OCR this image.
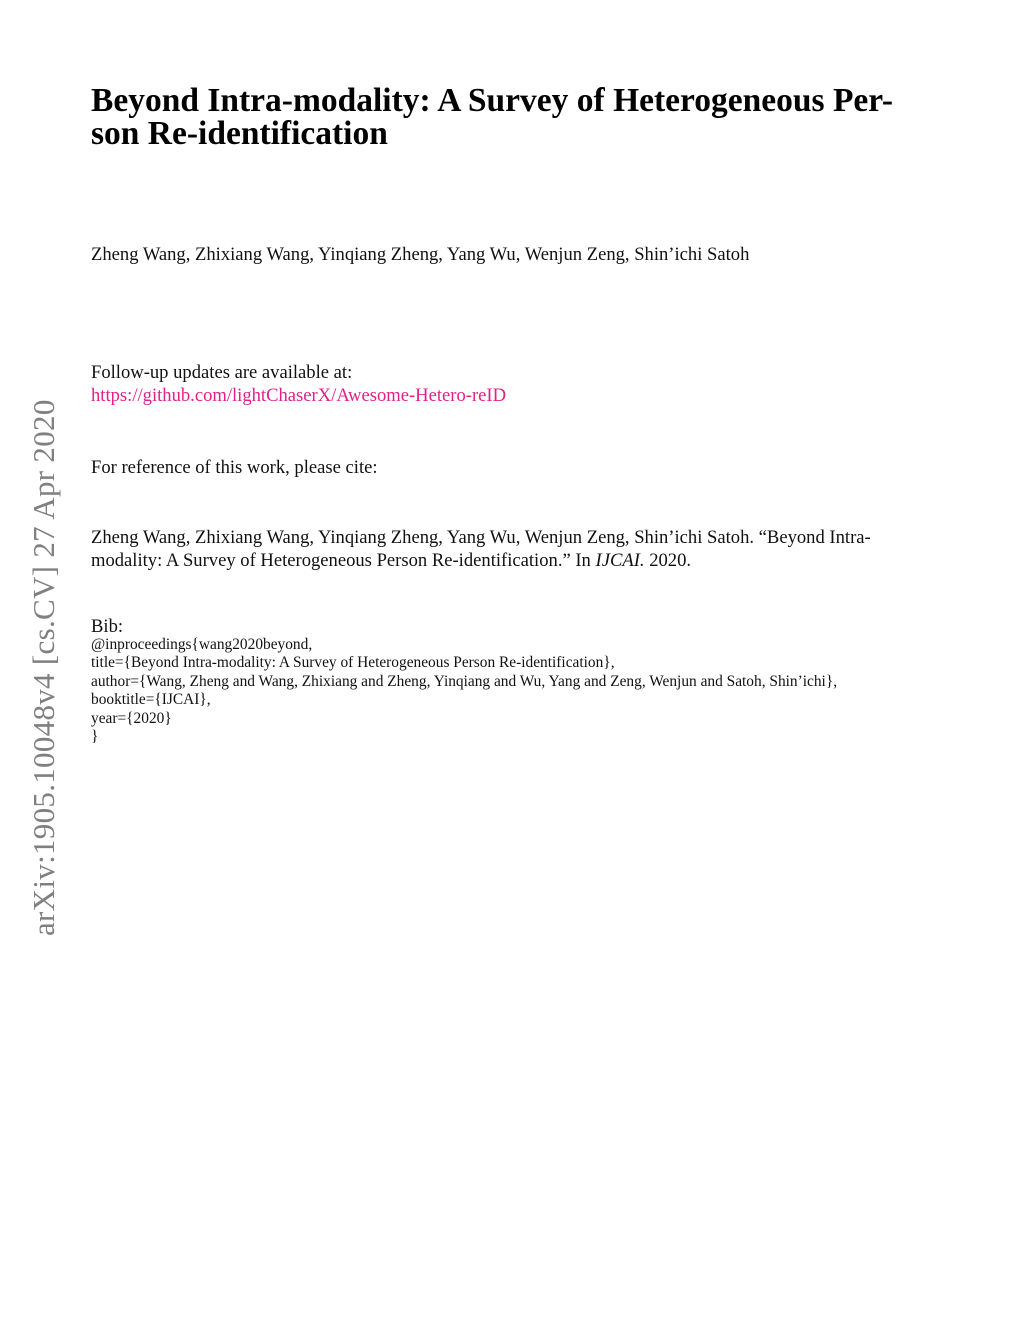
arXiv:1905.10048v4 [cs.CV] 27 Apr 2020
Beyond Intra-modality: A Survey of Heterogeneous Per-
son Re-identification
Zheng Wang, Zhixiang Wang, Yinqiang Zheng, Yang Wu, Wenjun Zeng, Shin’ichi Satoh
Follow-up updates are available at:
https://github.com/lightChaserX/Awesome-Hetero-reID
For reference of this work, please cite:
Zheng Wang, Zhixiang Wang, Yinqiang Zheng, Yang Wu, Wenjun Zeng, Shin’ichi Satoh. “Beyond Intra-
modality: A Survey of Heterogeneous Person Re-identification.” In IJCAI. 2020.
Bib:
@inproceedings{wang2020beyond,
title={Beyond Intra-modality: A Survey of Heterogeneous Person Re-identification},
author={Wang, Zheng and Wang, Zhixiang and Zheng, Yinqiang and Wu, Yang and Zeng, Wenjun and Satoh, Shin’ichi},
booktitle={IJCAI},
year={2020}
}
